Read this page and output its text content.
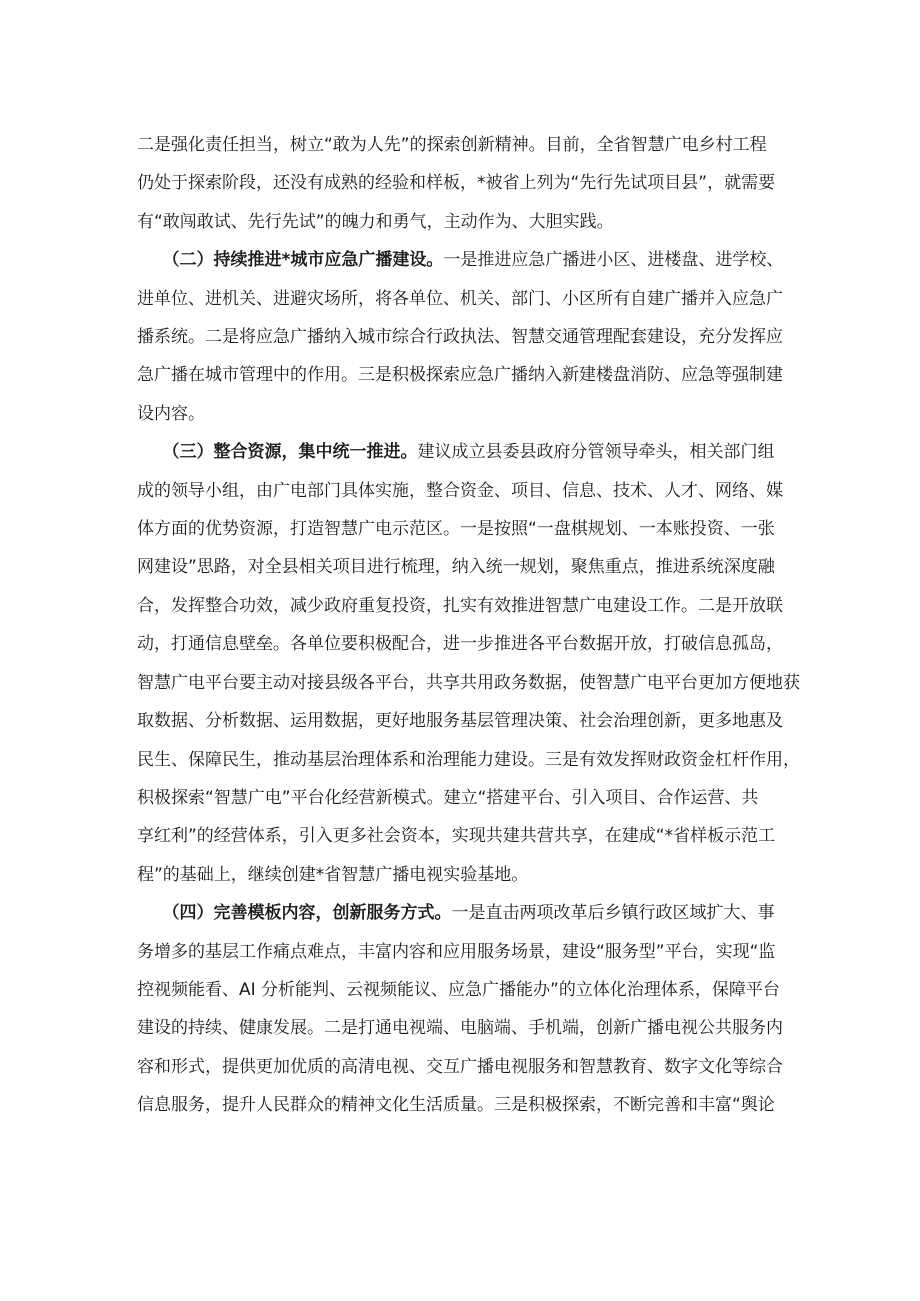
二是强化责任担当，树立“敢为人先”的探索创新精神。目前，全省智慧广电乡村工程
仍处于探索阶段，还没有成熟的经验和样板，*被省上列为“先行先试项目县”，就需要
有“敢闯敢试、先行先试”的魄力和勇气，主动作为、大胆实践。
　　（二）持续推进*城市应急广播建设。一是推进应急广播进小区、进楼盘、进学校、
进单位、进机关、进避灾场所，将各单位、机关、部门、小区所有自建广播并入应急广
播系统。二是将应急广播纳入城市综合行政执法、智慧交通管理配套建设，充分发挥应
急广播在城市管理中的作用。三是积极探索应急广播纳入新建楼盘消防、应急等强制建
设内容。
　　（三）整合资源，集中统一推进。建议成立县委县政府分管领导牵头，相关部门组
成的领导小组，由广电部门具体实施，整合资金、项目、信息、技术、人才、网络、媒
体方面的优势资源，打造智慧广电示范区。一是按照“一盘棋规划、一本账投资、一张
网建设”思路，对全县相关项目进行梳理，纳入统一规划，聚焦重点，推进系统深度融
合，发挥整合功效，减少政府重复投资，扎实有效推进智慧广电建设工作。二是开放联
动，打通信息壁垒。各单位要积极配合，进一步推进各平台数据开放，打破信息孤岛，
智慧广电平台要主动对接县级各平台，共享共用政务数据，使智慧广电平台更加方便地获
取数据、分析数据、运用数据，更好地服务基层管理决策、社会治理创新，更多地惠及
民生、保障民生，推动基层治理体系和治理能力建设。三是有效发挥财政资金杠杆作用，
积极探索“智慧广电”平台化经营新模式。建立“搭建平台、引入项目、合作运营、共
享红利”的经营体系，引入更多社会资本，实现共建共营共享，在建成“*省样板示范工
程”的基础上，继续创建*省智慧广播电视实验基地。
　　（四）完善模板内容，创新服务方式。一是直击两项改革后乡镇行政区域扩大、事
务增多的基层工作痛点难点，丰富内容和应用服务场景，建设“服务型”平台，实现“监
控视频能看、AI 分析能判、云视频能议、应急广播能办”的立体化治理体系，保障平台
建设的持续、健康发展。二是打通电视端、电脑端、手机端，创新广播电视公共服务内
容和形式，提供更加优质的高清电视、交互广播电视服务和智慧教育、数字文化等综合
信息服务，提升人民群众的精神文化生活质量。三是积极探索，不断完善和丰富“舆论
